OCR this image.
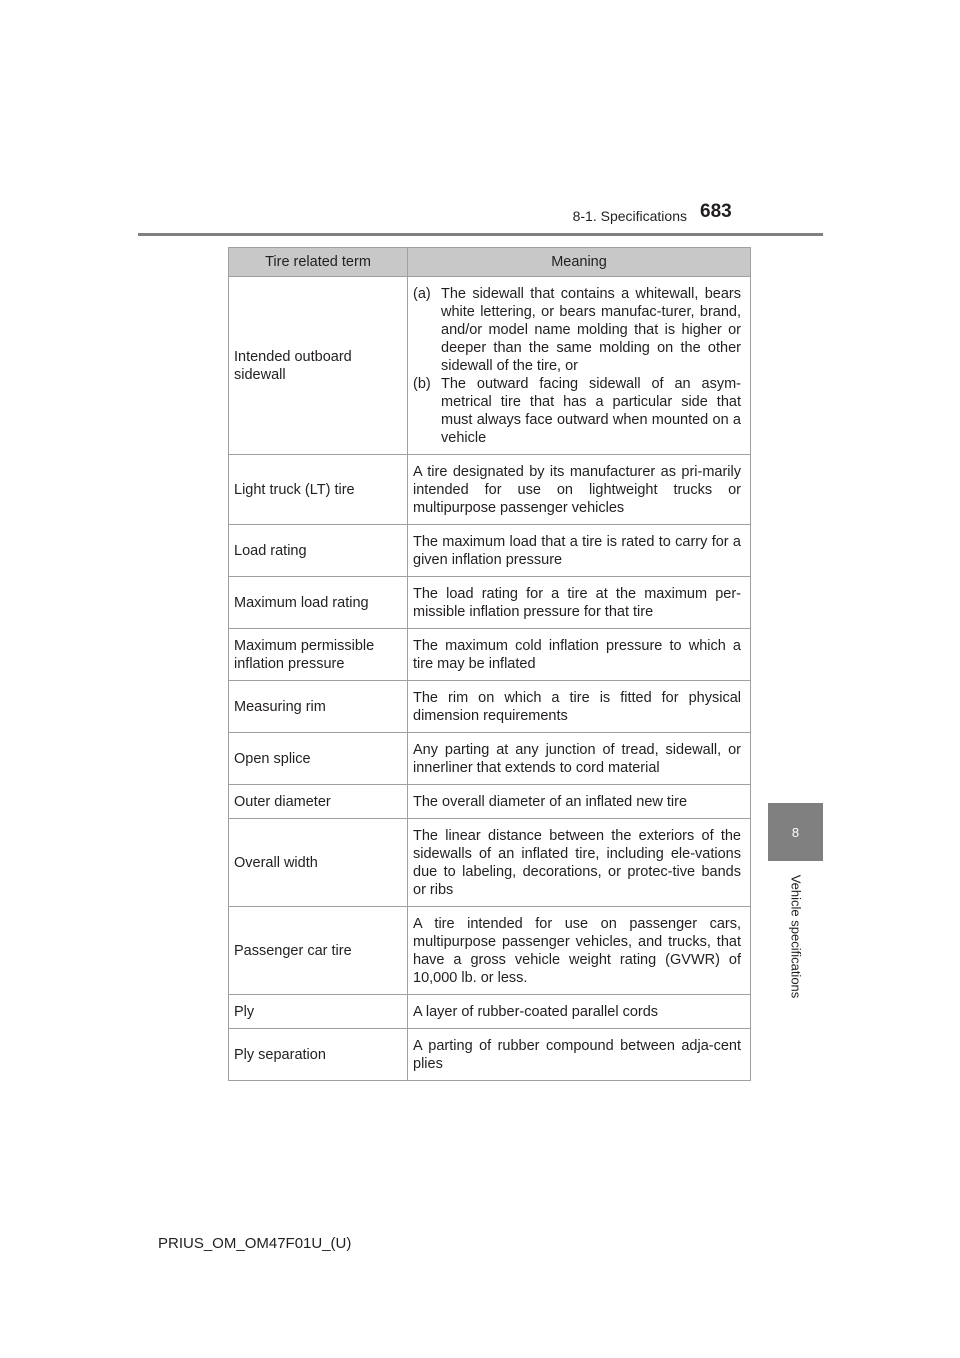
8-1. Specifications 683
8
Vehicle specifications
Tire related term	Meaning
Intended outboard sidewall	(a) The sidewall that contains a whitewall, bears white lettering, or bears manufac-turer, brand, and/or model name molding that is higher or deeper than the same molding on the other sidewall of the tire, or
(b) The outward facing sidewall of an asym-metrical tire that has a particular side that must always face outward when mounted on a vehicle

Light truck (LT) tire	A tire designated by its manufacturer as pri-marily intended for use on lightweight trucks or multipurpose passenger vehicles
Load rating	The maximum load that a tire is rated to carry for a given inflation pressure
Maximum load rating	The load rating for a tire at the maximum per-missible inflation pressure for that tire
Maximum permissible inflation pressure	The maximum cold inflation pressure to which a tire may be inflated
Measuring rim	The rim on which a tire is fitted for physical dimension requirements
Open splice	Any parting at any junction of tread, sidewall, or innerliner that extends to cord material
Outer diameter	The overall diameter of an inflated new tire
Overall width	The linear distance between the exteriors of the sidewalls of an inflated tire, including ele-vations due to labeling, decorations, or protec-tive bands or ribs
Passenger car tire	A tire intended for use on passenger cars, multipurpose passenger vehicles, and trucks, that have a gross vehicle weight rating (GVWR) of 10,000 lb. or less.
Ply	A layer of rubber-coated parallel cords
Ply separation	A parting of rubber compound between adja-cent plies
PRIUS_OM_OM47F01U_(U)
